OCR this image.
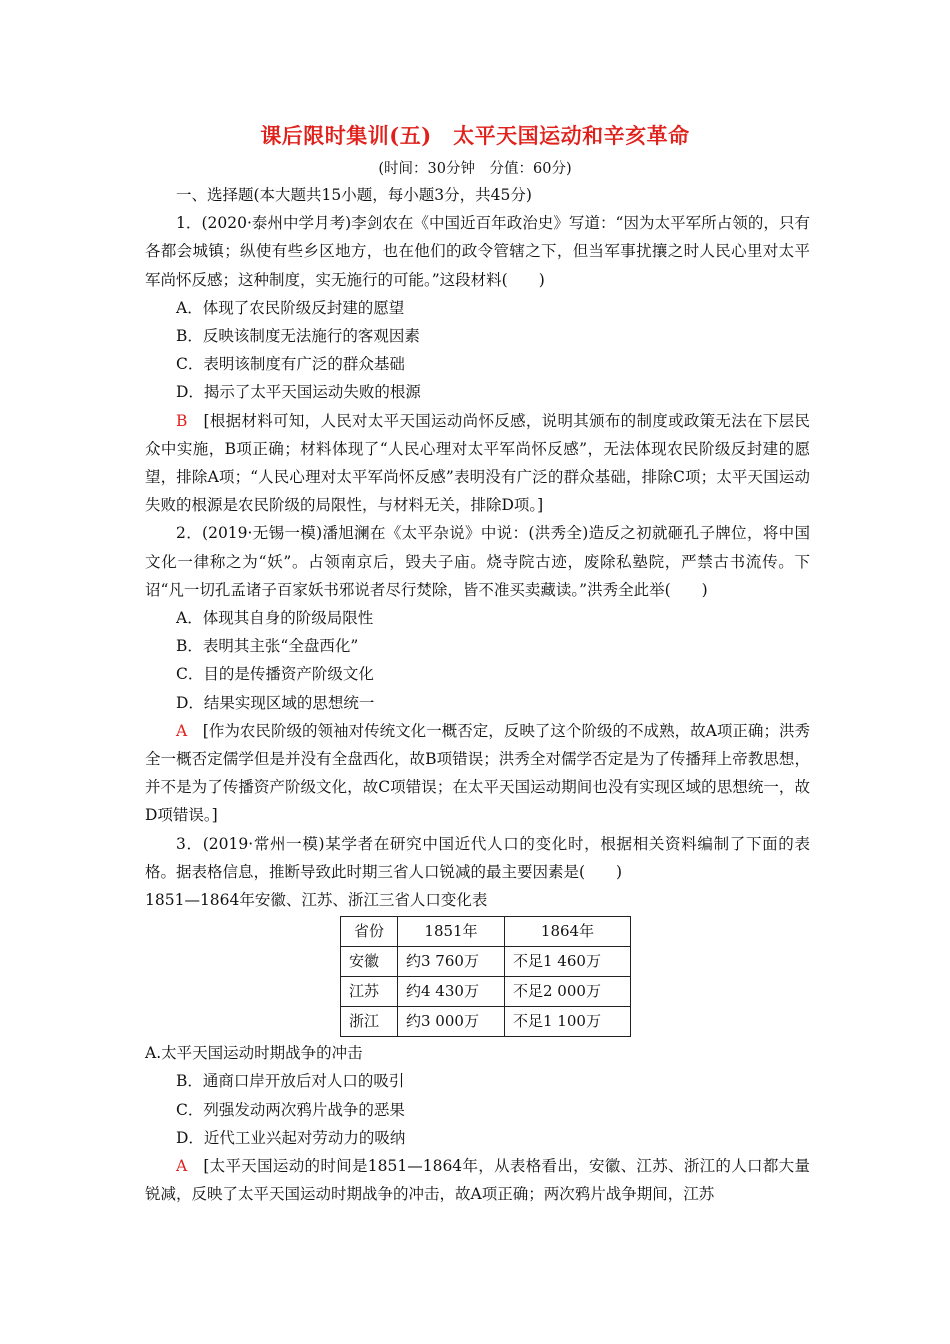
课后限时集训(五)　太平天国运动和辛亥革命
(时间：30分钟　分值：60分)

一、选择题(本大题共15小题，每小题3分，共45分)

1．(2020·泰州中学月考)李剑农在《中国近百年政治史》写道：“因为太平军所占领的，只有各都会城镇；纵使有些乡区地方，也在他们的政令管辖之下，但当军事扰攘之时人民心里对太平军尚怀反感；这种制度，实无施行的可能。”这段材料(　　)

A．体现了农民阶级反封建的愿望

B．反映该制度无法施行的客观因素

C．表明该制度有广泛的群众基础

D．揭示了太平天国运动失败的根源

B　 [根据材料可知，人民对太平天国运动尚怀反感，说明其颁布的制度或政策无法在下层民众中实施，B项正确；材料体现了“人民心理对太平军尚怀反感”，无法体现农民阶级反封建的愿望，排除A项；“人民心理对太平军尚怀反感”表明没有广泛的群众基础，排除C项；太平天国运动失败的根源是农民阶级的局限性，与材料无关，排除D项。]

2．(2019·无锡一模)潘旭澜在《太平杂说》中说：(洪秀全)造反之初就砸孔子牌位，将中国文化一律称之为“妖”。占领南京后，毁夫子庙。烧寺院古迹，废除私塾院，严禁古书流传。下诏“凡一切孔孟诸子百家妖书邪说者尽行焚除，皆不准买卖藏读。”洪秀全此举(　　)

A．体现其自身的阶级局限性

B．表明其主张“全盘西化”

C．目的是传播资产阶级文化

D．结果实现区域的思想统一

A　 [作为农民阶级的领袖对传统文化一概否定，反映了这个阶级的不成熟，故A项正确；洪秀全一概否定儒学但是并没有全盘西化，故B项错误；洪秀全对儒学否定是为了传播拜上帝教思想，并不是为了传播资产阶级文化，故C项错误；在太平天国运动期间也没有实现区域的思想统一，故D项错误。]

3．(2019·常州一模)某学者在研究中国近代人口的变化时，根据相关资料编制了下面的表格。据表格信息，推断导致此时期三省人口锐减的最主要因素是(　　)

1851—1864年安徽、江苏、浙江三省人口变化表

省份	1851年	1864年
安徽	约3 760万	不足1 460万
江苏	约4 430万	不足2 000万
浙江	约3 000万	不足1 100万

A.太平天国运动时期战争的冲击

B．通商口岸开放后对人口的吸引

C．列强发动两次鸦片战争的恶果

D．近代工业兴起对劳动力的吸纳

A　 [太平天国运动的时间是1851—1864年，从表格看出，安徽、江苏、浙江的人口都大量锐减，反映了太平天国运动时期战争的冲击，故A项正确；两次鸦片战争期间，江苏
